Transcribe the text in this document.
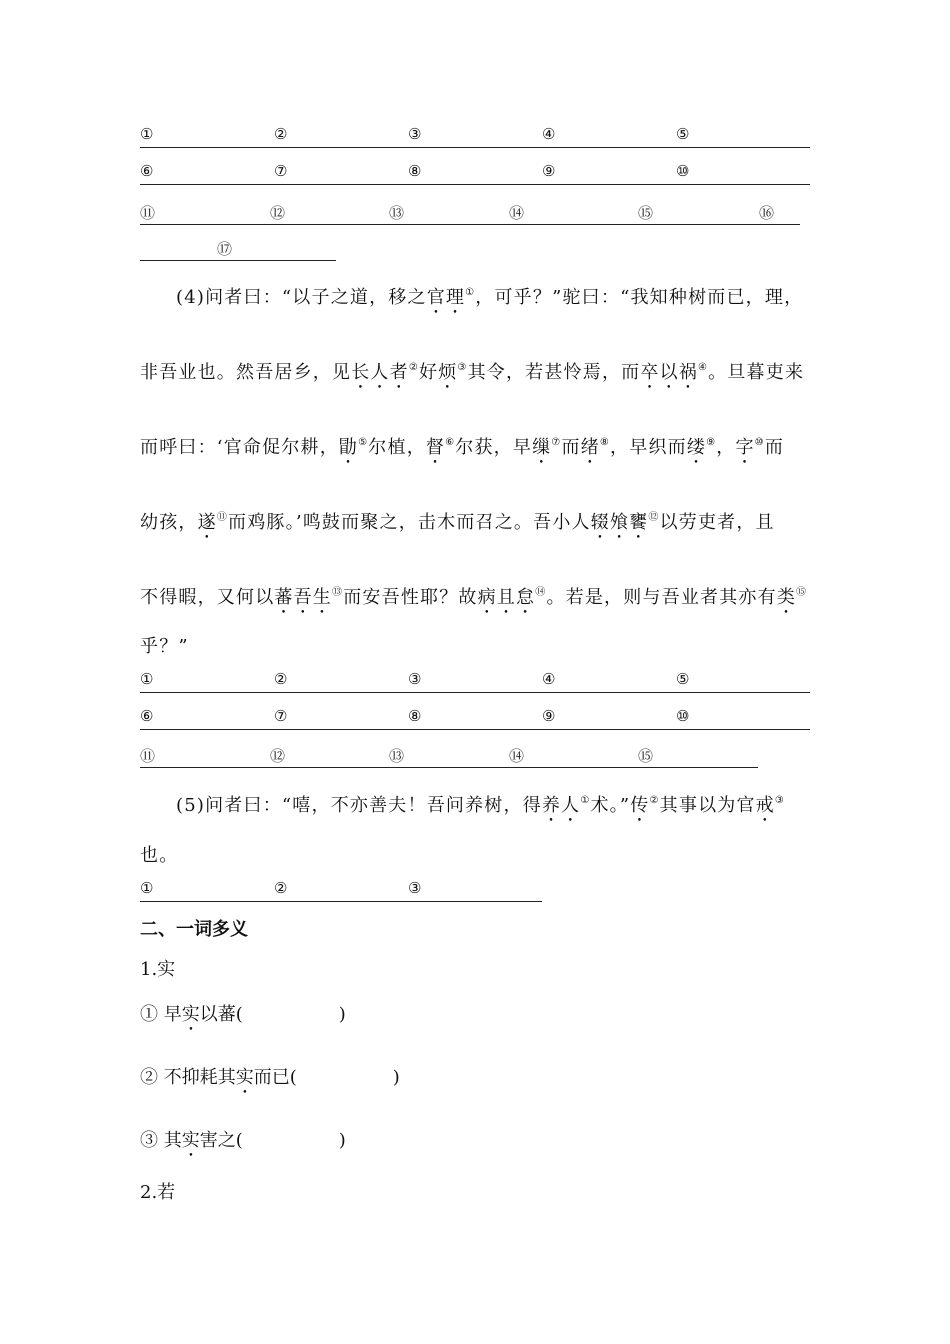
①	②	③	④	⑤
⑥	⑦	⑧	⑨	⑩
⑪	⑫	⑬	⑭	⑮	⑯
⑰
(4)问者曰：“以子之道，移之官理①，可乎？”驼曰：“我知种树而已，理，
非吾业也。然吾居乡，见长人者②好烦③其令，若甚怜焉，而卒以祸④。旦暮吏来
而呼曰：‘官命促尔耕，勖⑤尔植，督⑥尔获，早缫⑦而绪⑧，早织而缕⑨，字⑩而
幼孩，遂⑪而鸡豚。’鸣鼓而聚之，击木而召之。吾小人辍飧饔⑫以劳吏者，且
不得暇，又何以蕃吾生⑬而安吾性耶？故病且怠⑭。若是，则与吾业者其亦有类⑮
乎？”
①	②	③	④	⑤
⑥	⑦	⑧	⑨	⑩
⑪	⑫	⑬	⑭	⑮
(5)问者曰：“嘻，不亦善夫！吾问养树，得养人①术。”传②其事以为官戒③
也。
①	②	③
二、一词多义
1.实
① 早实以蕃(	)
② 不抑耗其实而已(	)
③ 其实害之(	)
2.若
